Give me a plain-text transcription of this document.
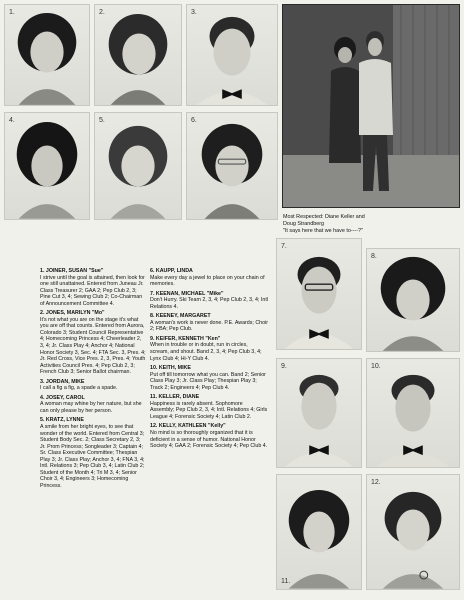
1.	2.	3.
4.	5.	6.
Most Respected: Diane Keller and
Doug Strandberg
"It says here that we have to----?"
7.
8.
9.	10.
11.
12.

1. JOINER, SUSAN "Sue"

I strive until the goal is attained, then look for one still unattained. Entered from Juneau Jr. Class Treasurer 2; GAA 2; Pep Club 2, 3; Pine Cut 3, 4; Sewing Club 2; Co-Chairman of Announcement Committee 4.

2. JONES, MARILYN "Mo"

It's not what you are on the stage it's what you are off that counts. Entered from Aurora, Colorado 3; Student Council Representative 4; Homecoming Princess 4; Cheerleader 2, 3, 4; Jr. Class Play 4; Anchor 4; National Honor Society 3, Sec. 4; FTA Sec. 3, Pres. 4; Jr. Red Cross, Vice Pres. 2, 3, Pres. 4; Youth Activities Council Pres. 4; Pep Club 2, 3; French Club 3; Senior Ballot chairman.

3. JORDAN, MIKE

I call a fig a fig, a spade a spade.

4. JOSEY, CAROL

A woman may whine by her nature, but she can only please by her person.

5. KRATZ, LYNNE

A smile from her bright eyes, to see that wonder of the world. Entered from Central 3; Student Body Sec. 2; Class Secretary 2, 3; Jr. Prom Princess; Songleader 3; Captain 4; Sr. Class Executive Committee; Thespian Play 3; Jr. Class Play; Anchor 3, 4; FNA 3, 4; Intl. Relations 3; Pep Club 3, 4; Latin Club 2; Student of the Month 4; Tri M 3, 4; Senior Choir 3, 4; Engineers 3; Homecoming Princess.

6. KAUPP, LINDA

Make every day a jewel to place on your chain of memories.

7. KEENAN, MICHAEL "Mike"

Don't Hurry. Ski Team 2, 3, 4; Pep Club 2, 3, 4; Intl Relations 4.

8. KEENEY, MARGARET

A woman's work is never done. P.E. Awards; Choir 2; FBA; Pep Club.

9. KEIFER, KENNETH "Ken"

When in trouble or in doubt, run in circles, scream, and shout. Band 2, 3, 4; Pep Club 3, 4; Lynx Club 4; Hi-Y Club 4.

10. KEITH, MIKE

Put off till tomorrow what you can. Band 2; Senior Class Play 3; Jr. Class Play; Thespian Play 3; Track 2; Engineers 4; Pep Club 4.

11. KELLER, DIANE

Happiness is rarely absent. Sophomore Assembly; Pep Club 2, 3, 4; Intl. Relations 4; Girls League 4; Forensic Society 4; Latin Club 2.

12. KELLY, KATHLEEN "Kelly"

No mind is so thoroughly organized that it is deficient in a sense of humor. National Honor Society 4; GAA 2; Forensic Society 4; Pep Club 4.
